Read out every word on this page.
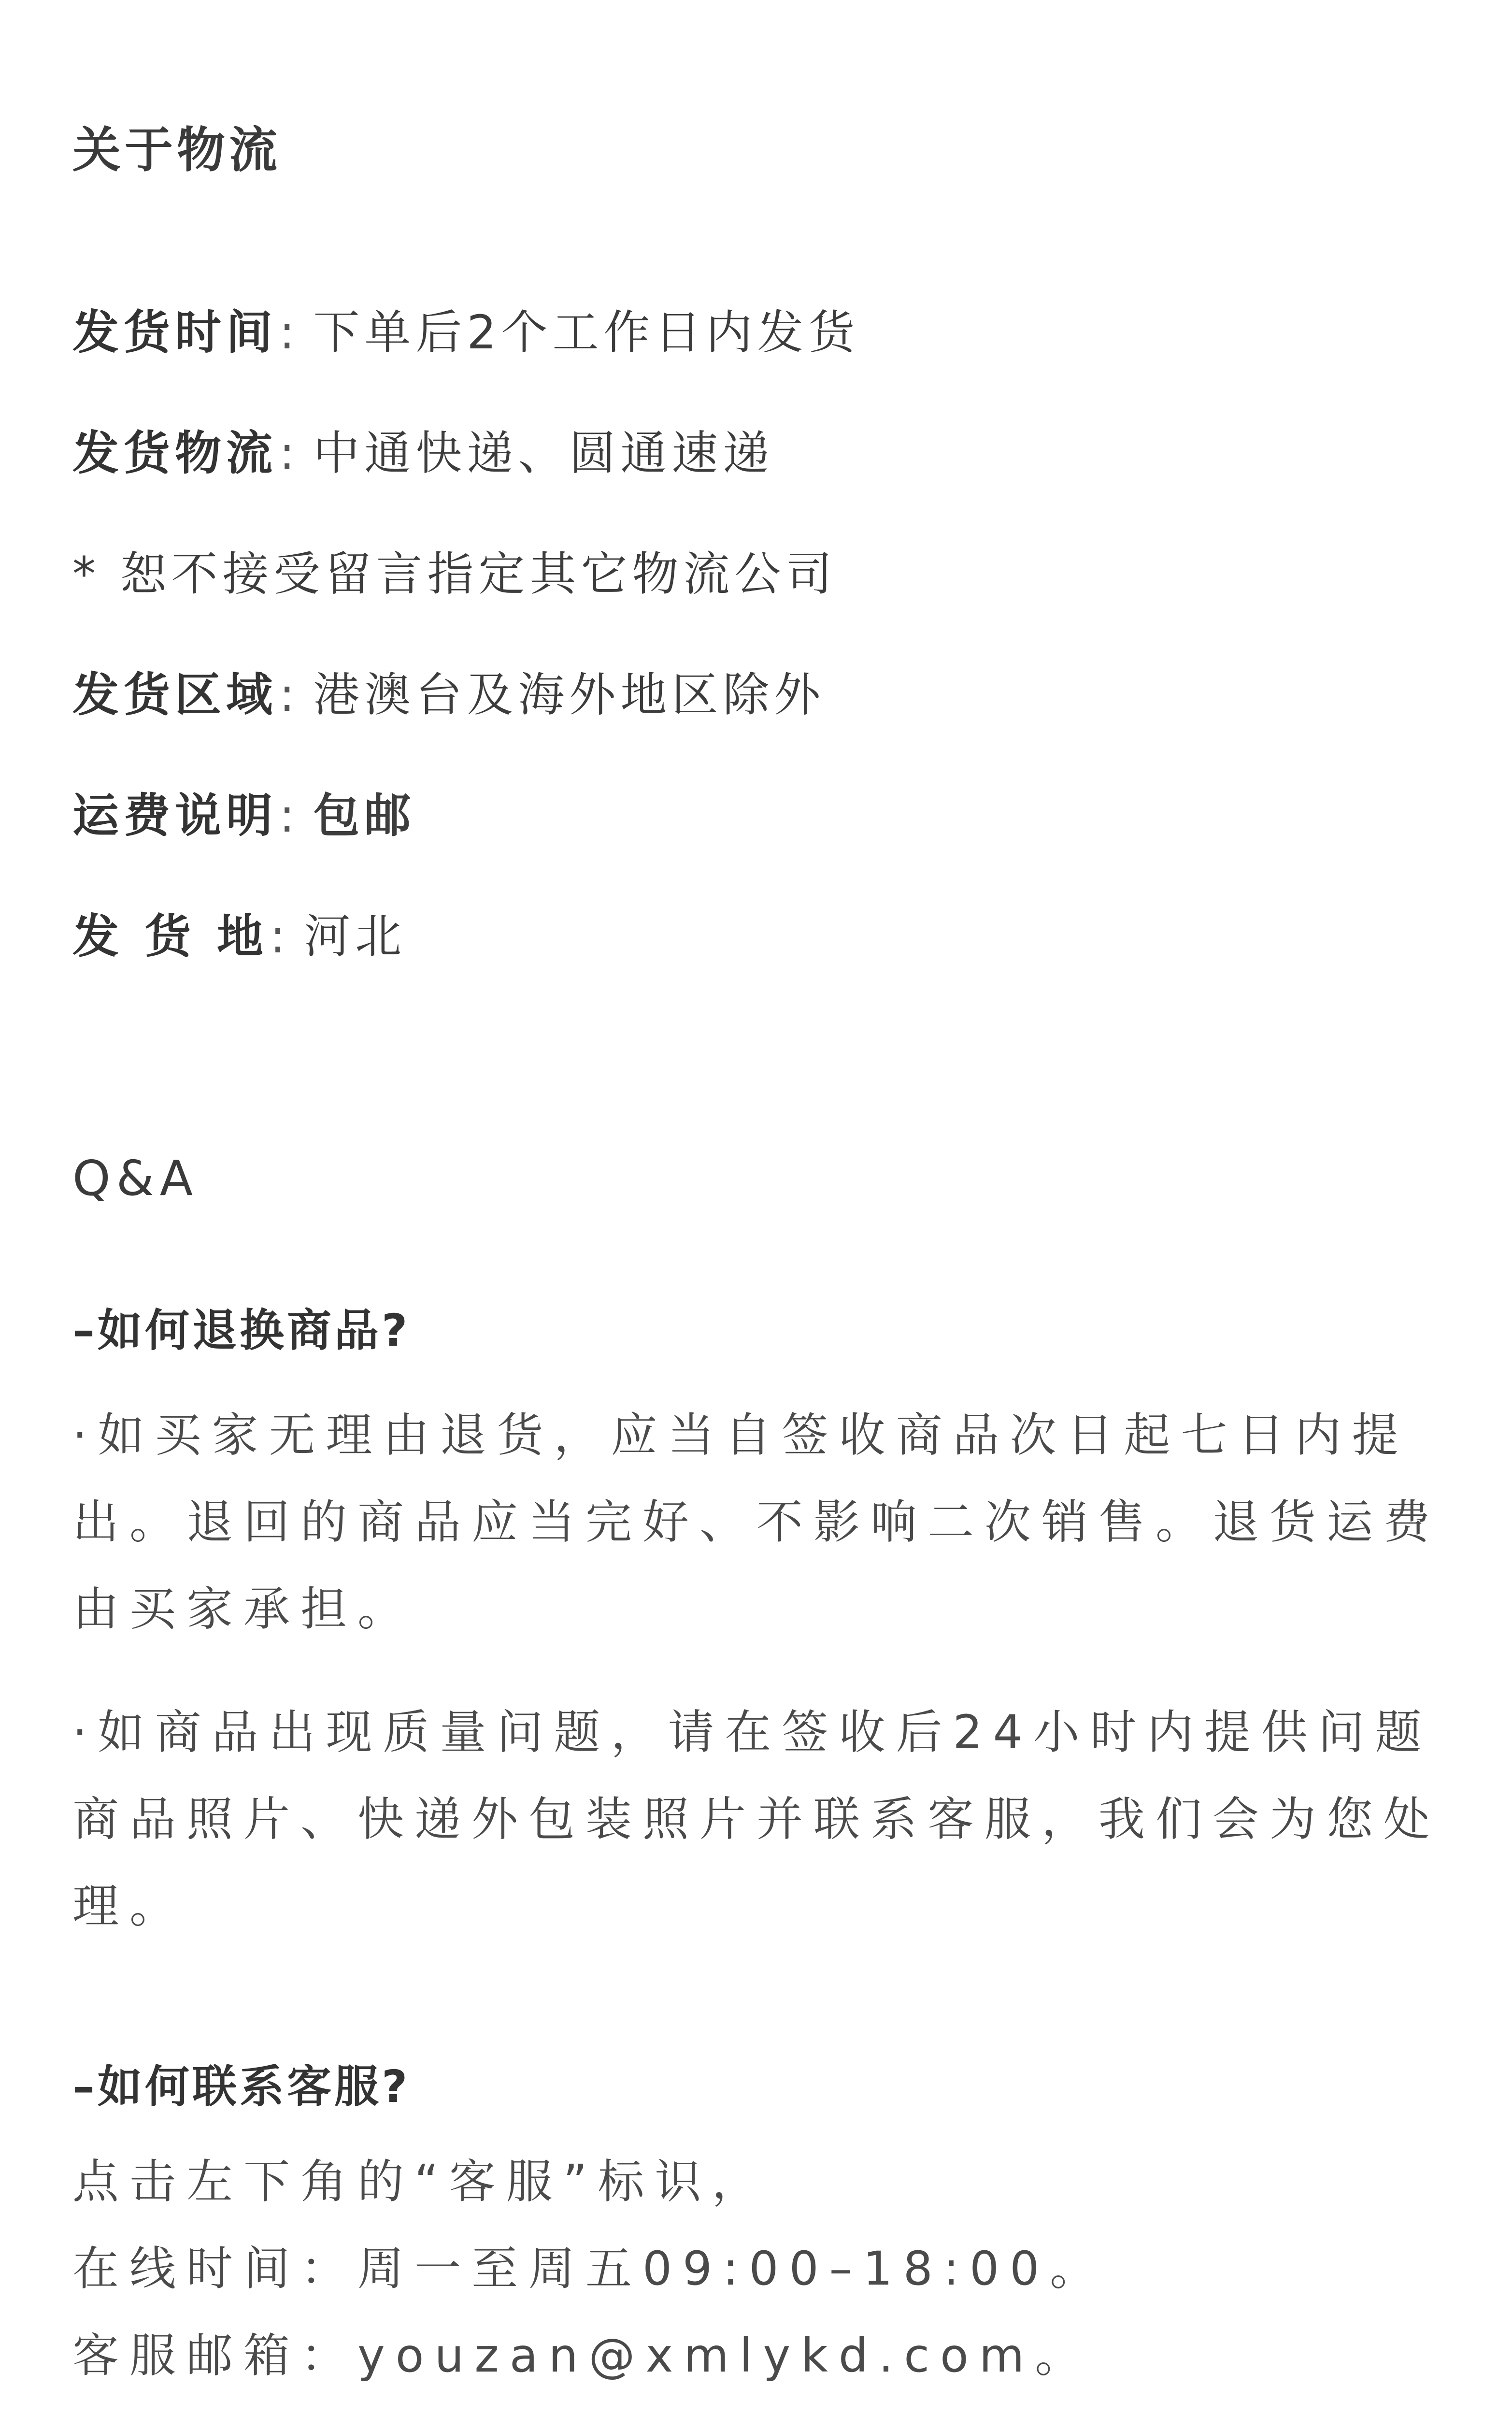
关于物流
发货时间: 下单后2个工作日内发货
发货物流: 中通快递、圆通速递
* 恕不接受留言指定其它物流公司
发货区域: 港澳台及海外地区除外
运费说明: 包邮
发 货 地: 河北
Q&A
–如何退换商品?
·如买家无理由退货，应当自签收商品次日起七日内提
出。退回的商品应当完好、不影响二次销售。退货运费
由买家承担。
·如商品出现质量问题，请在签收后24小时内提供问题
商品照片、快递外包装照片并联系客服，我们会为您处
理。
–如何联系客服?
点击左下角的“客服”标识，
在线时间：周一至周五09:00–18:00。
客服邮箱：youzan@xmlykd.com。
